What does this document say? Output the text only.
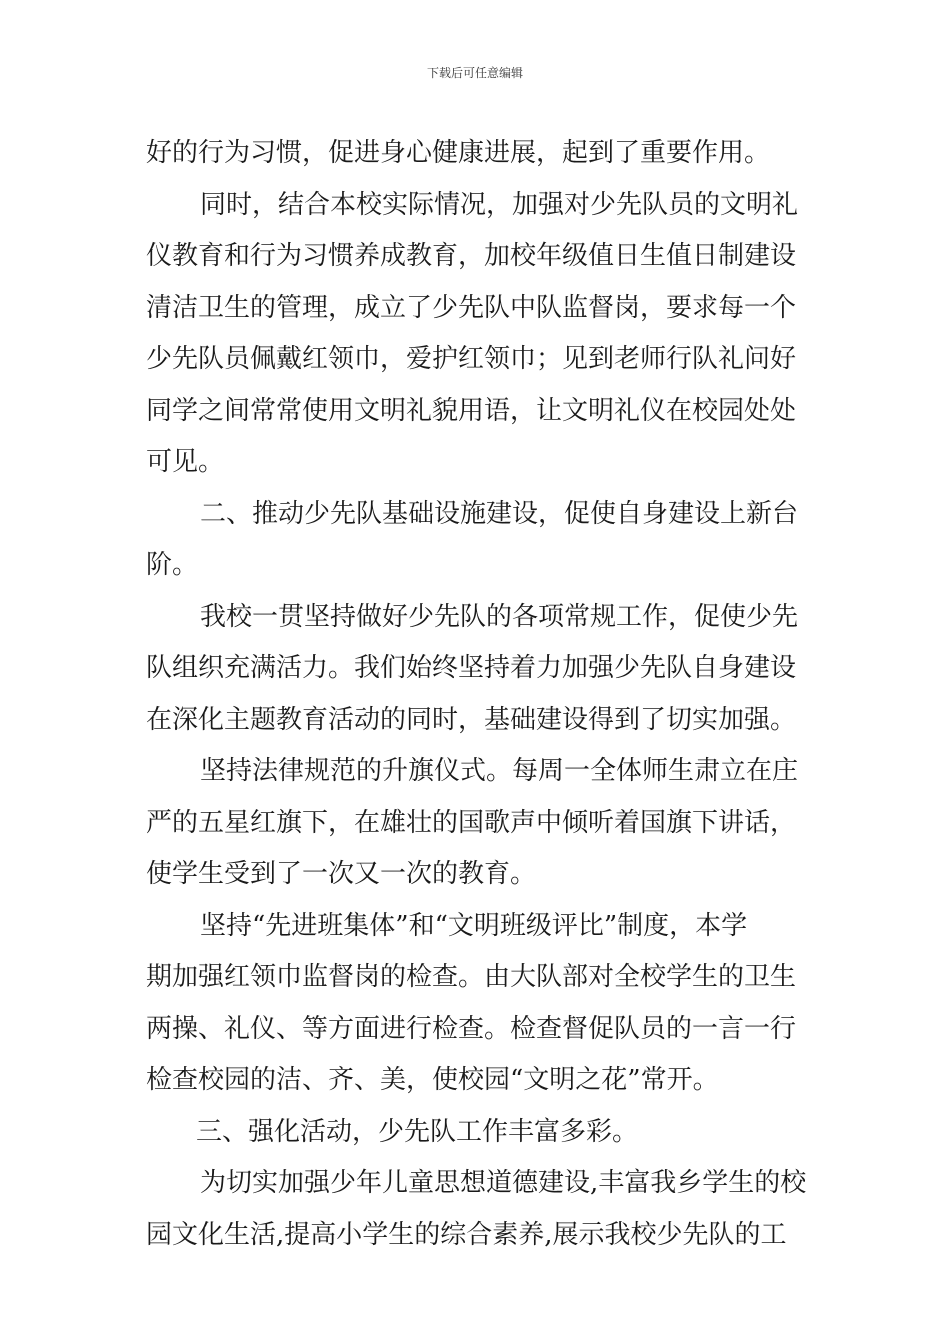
下载后可任意编辑
好的行为习惯，促进身心健康进展，起到了重要作用。
同时，结合本校实际情况，加强对少先队员的文明礼
仪教育和行为习惯养成教育，加校年级值日生值日制建设
清洁卫生的管理，成立了少先队中队监督岗，要求每一个
少先队员佩戴红领巾，爱护红领巾；见到老师行队礼问好
同学之间常常使用文明礼貌用语，让文明礼仪在校园处处
可见。
二、推动少先队基础设施建设，促使自身建设上新台
阶。
我校一贯坚持做好少先队的各项常规工作，促使少先
队组织充满活力。我们始终坚持着力加强少先队自身建设
在深化主题教育活动的同时，基础建设得到了切实加强。
坚持法律规范的升旗仪式。每周一全体师生肃立在庄
严的五星红旗下，在雄壮的国歌声中倾听着国旗下讲话，
使学生受到了一次又一次的教育。
坚持“先进班集体”和“文明班级评比”制度，本学
期加强红领巾监督岗的检查。由大队部对全校学生的卫生
两操、礼仪、等方面进行检查。检查督促队员的一言一行
检查校园的洁、齐、美，使校园“文明之花”常开。
三、强化活动，少先队工作丰富多彩。
为切实加强少年儿童思想道德建设,丰富我乡学生的校
园文化生活,提高小学生的综合素养,展示我校少先队的工
